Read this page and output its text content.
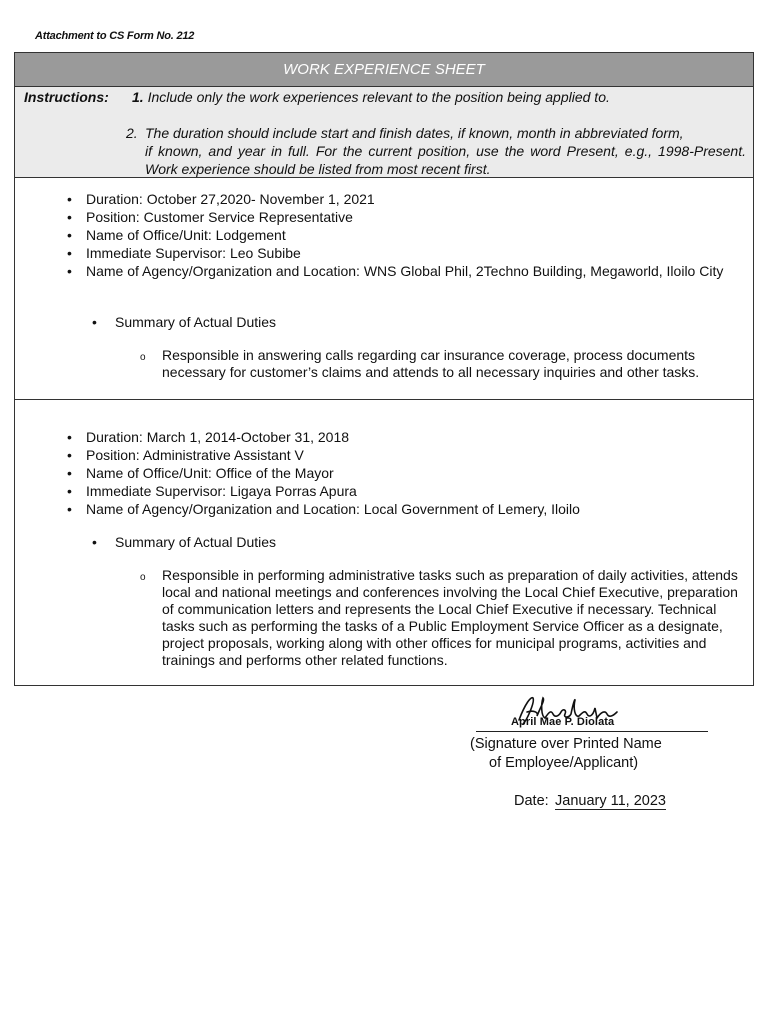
Attachment to CS Form No. 212
WORK EXPERIENCE SHEET
Instructions: 1. Include only the work experiences relevant to the position being applied to.
2. The duration should include start and finish dates, if known, month in abbreviated form,
if known, and year in full. For the current position, use the word Present, e.g., 1998-Present. Work experience should be listed from most recent first.
• Duration: October 27,2020- November 1, 2021
• Position: Customer Service Representative
• Name of Office/Unit: Lodgement
• Immediate Supervisor: Leo Subibe
• Name of Agency/Organization and Location: WNS Global Phil, 2Techno Building, Megaworld, Iloilo City
• Summary of Actual Duties
o Responsible in answering calls regarding car insurance coverage, process documents necessary for customer’s claims and attends to all necessary inquiries and other tasks.
• Duration: March 1, 2014-October 31, 2018
• Position: Administrative Assistant V
• Name of Office/Unit: Office of the Mayor
• Immediate Supervisor: Ligaya Porras Apura
• Name of Agency/Organization and Location: Local Government of Lemery, Iloilo
• Summary of Actual Duties
o Responsible in performing administrative tasks such as preparation of daily activities, attends local and national meetings and conferences involving the Local Chief Executive, preparation of communication letters and represents the Local Chief Executive if necessary. Technical tasks such as performing the tasks of a Public Employment Service Officer as a designate, project proposals, working along with other offices for municipal programs, activities and trainings and performs other related functions.
April Mae P. Diolata
(Signature over Printed Name
of Employee/Applicant)
Date: January 11, 2023
